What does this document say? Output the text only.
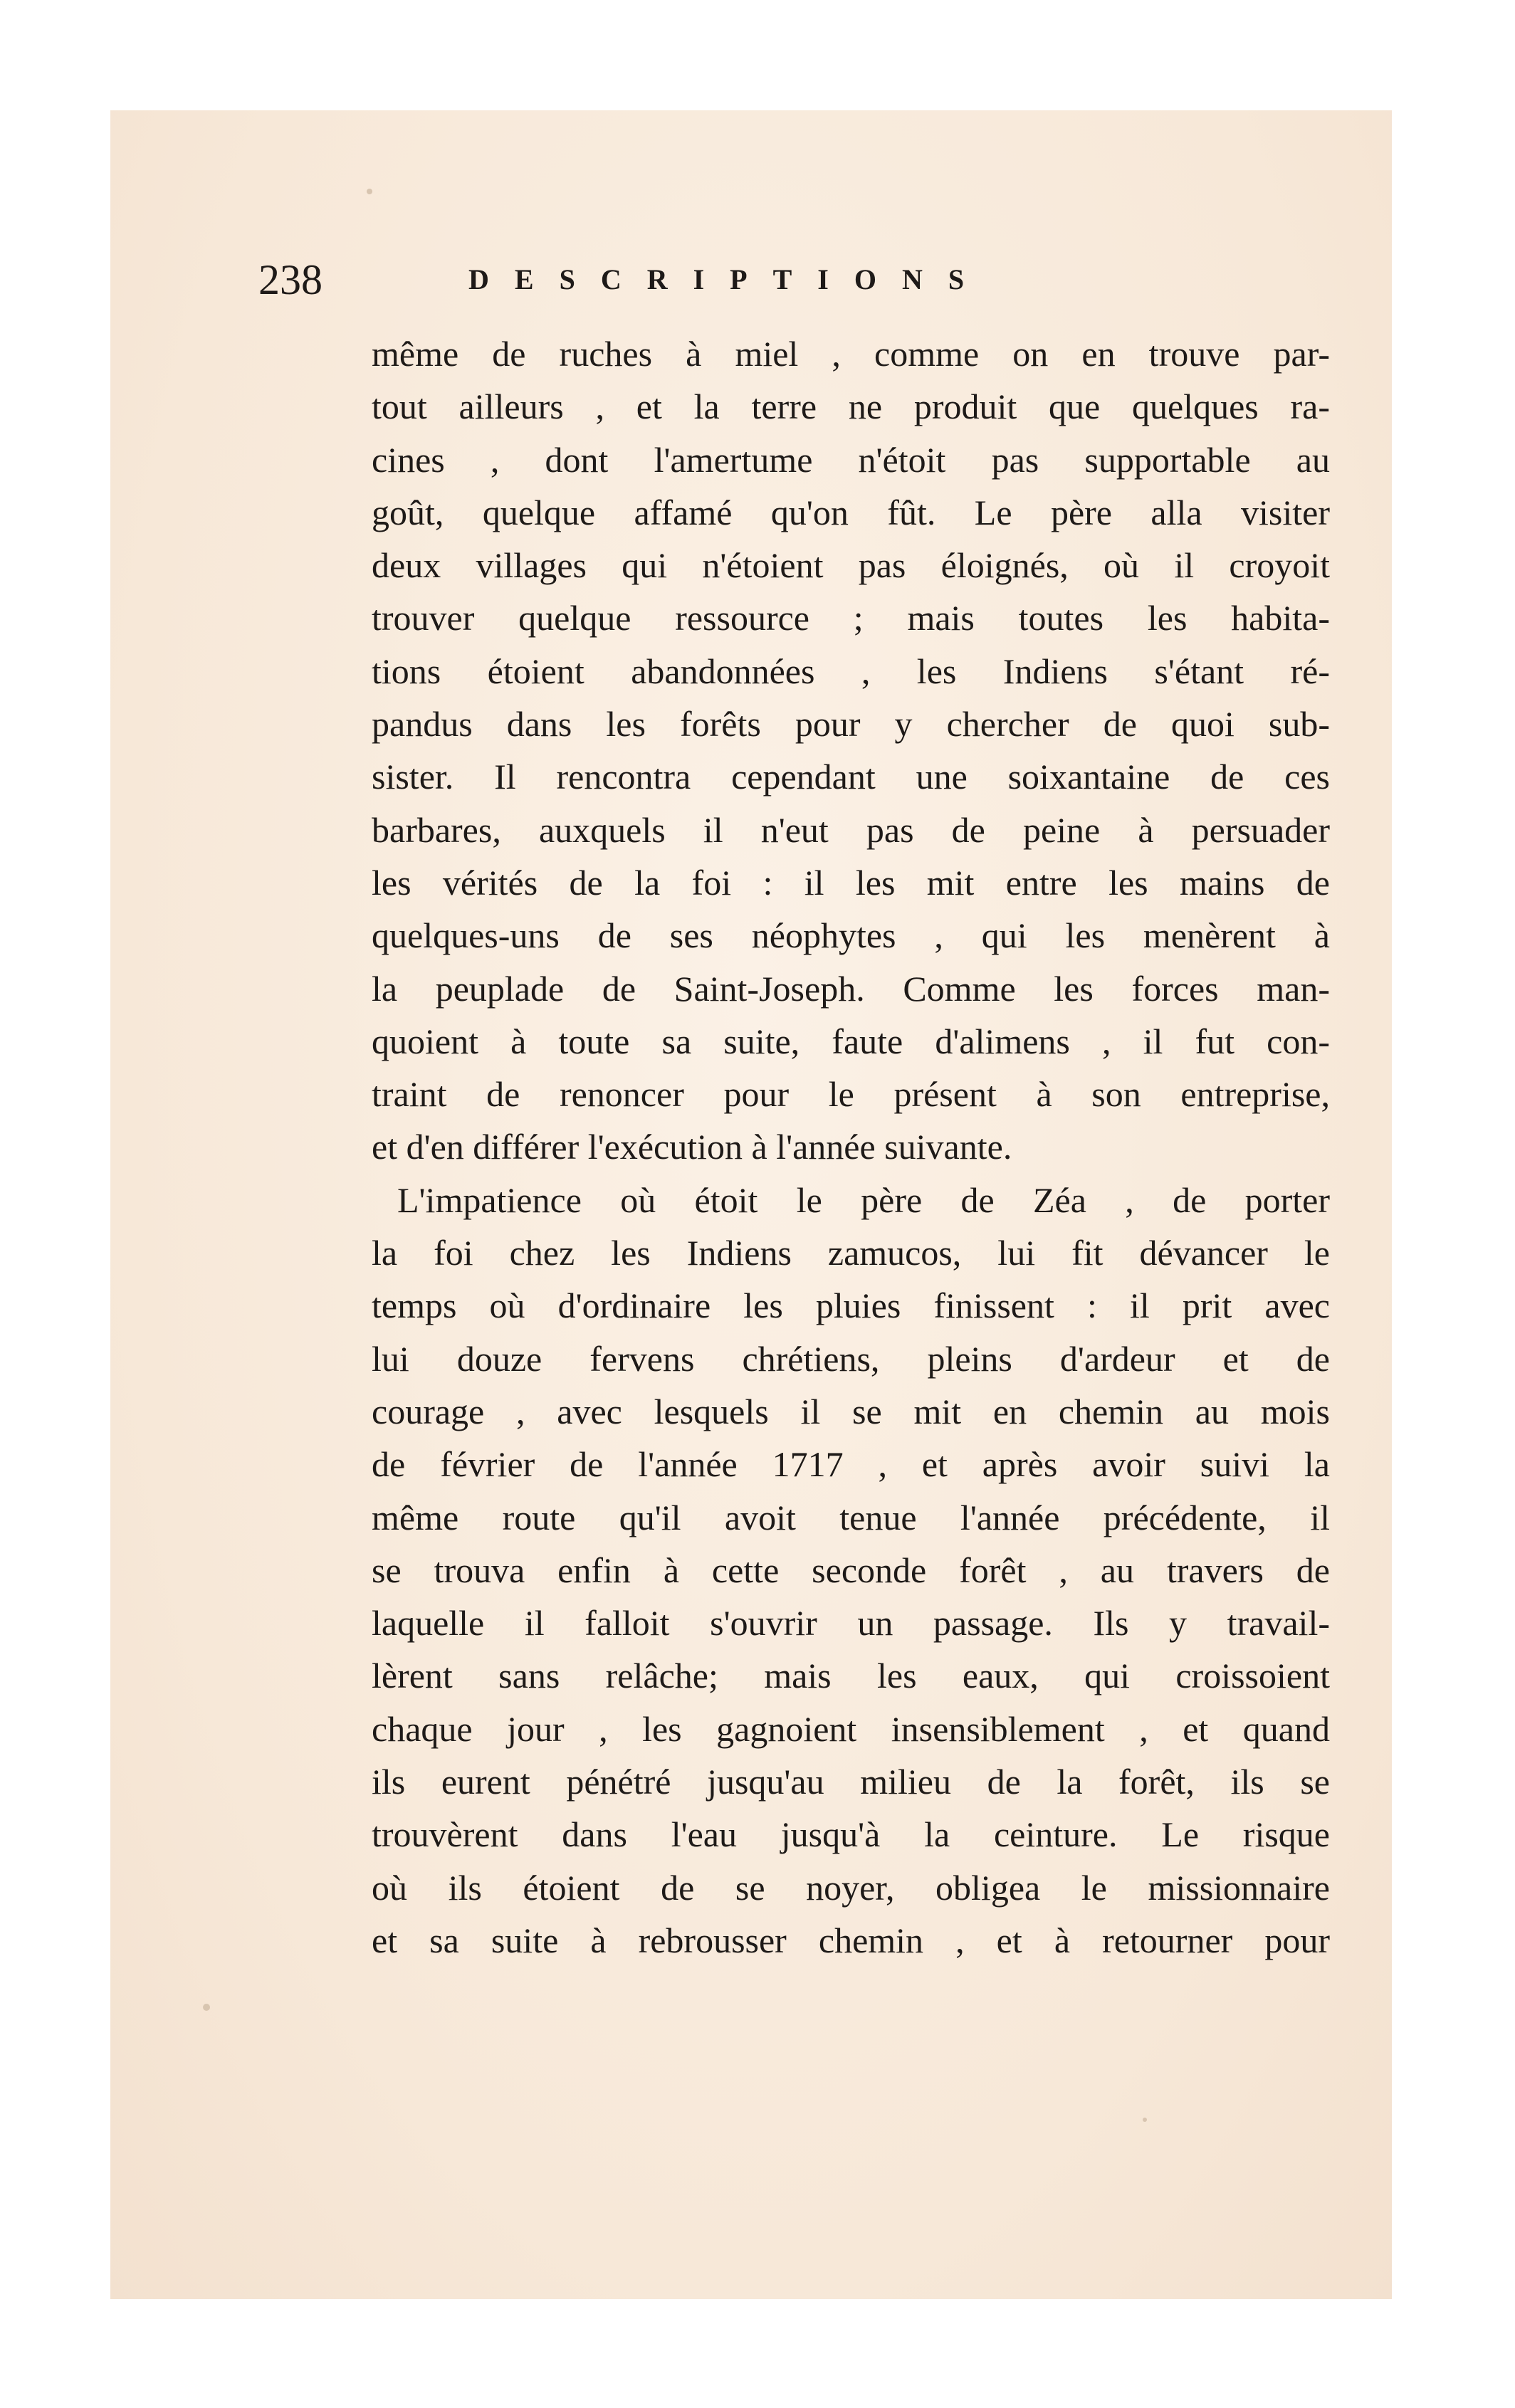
238	DESCRIPTIONS
même de ruches à miel , comme on en trouve par-
tout ailleurs , et la terre ne produit que quelques ra-
cines , dont l'amertume n'étoit pas supportable au
goût, quelque affamé qu'on fût. Le père alla visiter
deux villages qui n'étoient pas éloignés, où il croyoit
trouver quelque ressource ; mais toutes les habita-
tions étoient abandonnées , les Indiens s'étant ré-
pandus dans les forêts pour y chercher de quoi sub-
sister. Il rencontra cependant une soixantaine de ces
barbares, auxquels il n'eut pas de peine à persuader
les vérités de la foi : il les mit entre les mains de
quelques-uns de ses néophytes , qui les menèrent à
la peuplade de Saint-Joseph. Comme les forces man-
quoient à toute sa suite, faute d'alimens , il fut con-
traint de renoncer pour le présent à son entreprise,
et d'en différer l'exécution à l'année suivante.
L'impatience où étoit le père de Zéa , de porter
la foi chez les Indiens zamucos, lui fit dévancer le
temps où d'ordinaire les pluies finissent : il prit avec
lui douze fervens chrétiens, pleins d'ardeur et de
courage , avec lesquels il se mit en chemin au mois
de février de l'année 1717 , et après avoir suivi la
même route qu'il avoit tenue l'année précédente, il
se trouva enfin à cette seconde forêt , au travers de
laquelle il falloit s'ouvrir un passage. Ils y travail-
lèrent sans relâche; mais les eaux, qui croissoient
chaque jour , les gagnoient insensiblement , et quand
ils eurent pénétré jusqu'au milieu de la forêt, ils se
trouvèrent dans l'eau jusqu'à la ceinture. Le risque
où ils étoient de se noyer, obligea le missionnaire
et sa suite à rebrousser chemin , et à retourner pour
